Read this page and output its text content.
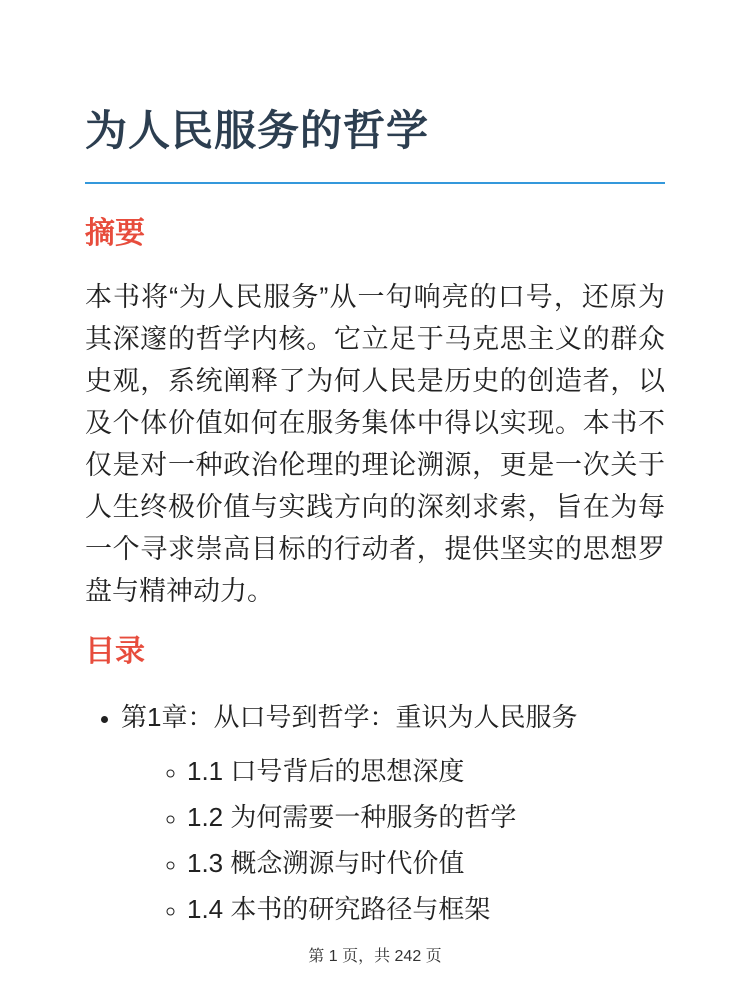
为人民服务的哲学
摘要

本书将“为人民服务”从一句响亮的口号，还原为其深邃的哲学内核。它立足于马克思主义的群众史观，系统阐释了为何人民是历史的创造者，以及个体价值如何在服务集体中得以实现。本书不仅是对一种政治伦理的理论溯源，更是一次关于人生终极价值与实践方向的深刻求索，旨在为每一个寻求崇高目标的行动者，提供坚实的思想罗盘与精神动力。

目录
• 第1章：从口号到哲学：重识为人民服务
◦ 1.1 口号背后的思想深度
◦ 1.2 为何需要一种服务的哲学
◦ 1.3 概念溯源与时代价值
◦ 1.4 本书的研究路径与框架
第 1 页，共 242 页
